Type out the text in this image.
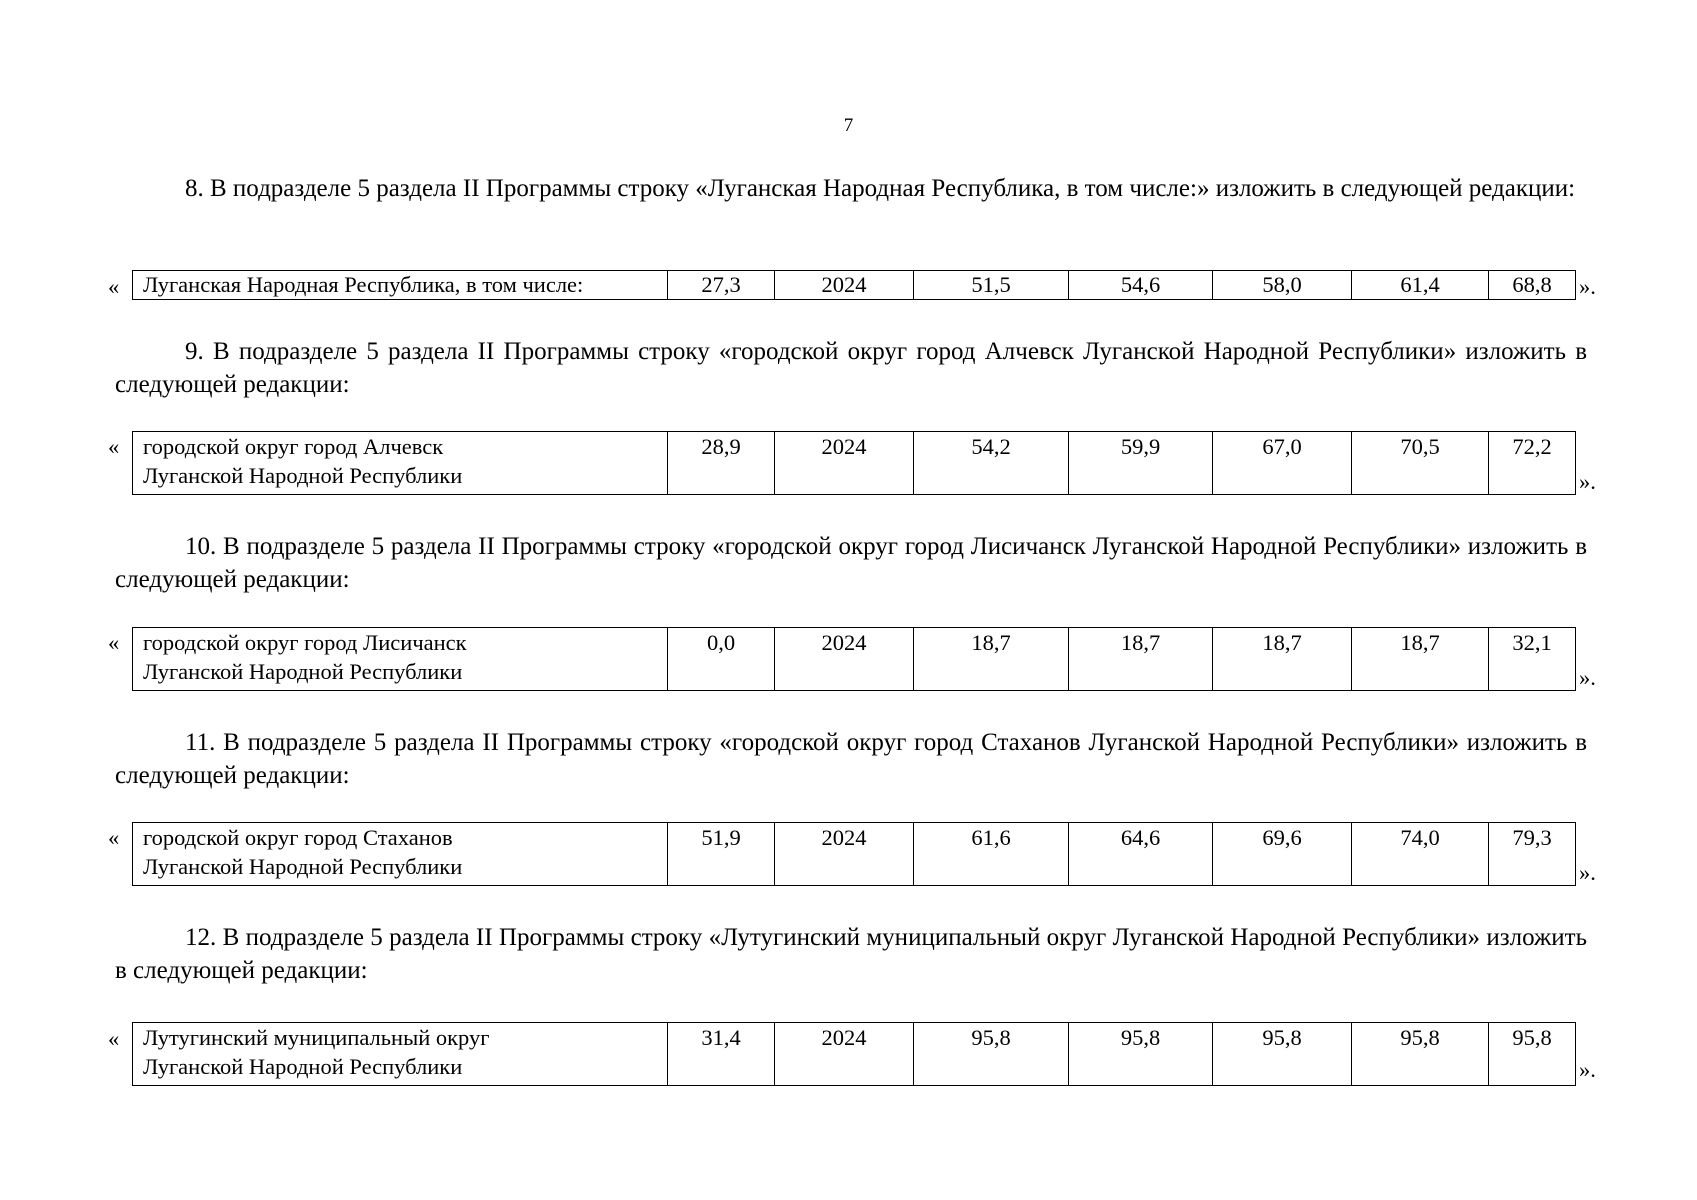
7
8. В подразделе 5 раздела II Программы строку «Луганская Народная Республика, в том числе:» изложить в следующей редакции:
« Луганская Народная Республика, в том числе:	27,3	2024	51,5	54,6	58,0	61,4	68,8 ».
9. В подразделе 5 раздела II Программы строку «городской округ город Алчевск Луганской Народной Республики» изложить в следующей редакции:
« городской округ город Алчевск
Луганской Народной Республики
	28,9	2024	54,2	59,9	67,0	70,5	72,2
».
10. В подразделе 5 раздела II Программы строку «городской округ город Лисичанск Луганской Народной Республики» изложить в следующей редакции:
« городской округ город Лисичанск
Луганской Народной Республики
	0,0	2024	18,7	18,7	18,7	18,7	32,1
».
11. В подразделе 5 раздела II Программы строку «городской округ город Стаханов Луганской Народной Республики» изложить в следующей редакции:
« городской округ город Стаханов
Луганской Народной Республики
	51,9	2024	61,6	64,6	69,6	74,0	79,3
».
12. В подразделе 5 раздела II Программы строку «Лутугинский муниципальный округ Луганской Народной Республики» изложить в следующей редакции:
« Лутугинский муниципальный округ
Луганской Народной Республики
	31,4	2024	95,8	95,8	95,8	95,8	95,8
».
